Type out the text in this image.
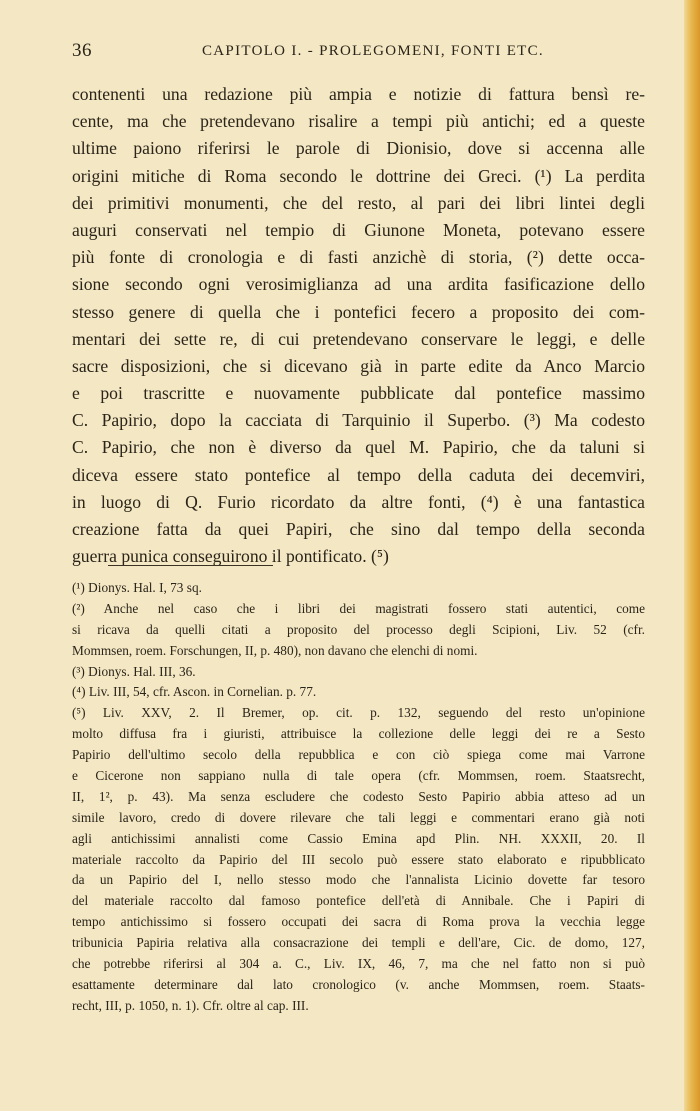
36	CAPITOLO I. - PROLEGOMENI, FONTI ETC.
contenenti una redazione più ampia e notizie di fattura bensì re-
cente, ma che pretendevano risalire a tempi più antichi; ed a queste
ultime paiono riferirsi le parole di Dionisio, dove si accenna alle
origini mitiche di Roma secondo le dottrine dei Greci. (¹) La perdita
dei primitivi monumenti, che del resto, al pari dei libri lintei degli
auguri conservati nel tempio di Giunone Moneta, potevano essere
più fonte di cronologia e di fasti anzichè di storia, (²) dette occa-
sione secondo ogni verosimiglianza ad una ardita fasificazione dello
stesso genere di quella che i pontefici fecero a proposito dei com-
mentari dei sette re, di cui pretendevano conservare le leggi, e delle
sacre disposizioni, che si dicevano già in parte edite da Anco Marcio
e poi trascritte e nuovamente pubblicate dal pontefice massimo
C. Papirio, dopo la cacciata di Tarquinio il Superbo. (³) Ma codesto
C. Papirio, che non è diverso da quel M. Papirio, che da taluni si
diceva essere stato pontefice al tempo della caduta dei decemviri,
in luogo di Q. Furio ricordato da altre fonti, (⁴) è una fantastica
creazione fatta da quei Papiri, che sino dal tempo della seconda
guerra punica conseguirono il pontificato. (⁵)
(¹) Dionys. Hal. I, 73 sq.
(²) Anche nel caso che i libri dei magistrati fossero stati autentici, come
si ricava da quelli citati a proposito del processo degli Scipioni, Liv. 52 (cfr.
Mommsen, roem. Forschungen, II, p. 480), non davano che elenchi di nomi.
(³) Dionys. Hal. III, 36.
(⁴) Liv. III, 54, cfr. Ascon. in Cornelian. p. 77.
(⁵) Liv. XXV, 2. Il Bremer, op. cit. p. 132, seguendo del resto un'opinione
molto diffusa fra i giuristi, attribuisce la collezione delle leggi dei re a Sesto
Papirio dell'ultimo secolo della repubblica e con ciò spiega come mai Varrone
e Cicerone non sappiano nulla di tale opera (cfr. Mommsen, roem. Staatsrecht,
II, 1², p. 43). Ma senza escludere che codesto Sesto Papirio abbia atteso ad un
simile lavoro, credo di dovere rilevare che tali leggi e commentari erano già noti
agli antichissimi annalisti come Cassio Emina apd Plin. NH. XXXII, 20. Il
materiale raccolto da Papirio del III secolo può essere stato elaborato e ripubblicato
da un Papirio del I, nello stesso modo che l'annalista Licinio dovette far tesoro
del materiale raccolto dal famoso pontefice dell'età di Annibale. Che i Papiri di
tempo antichissimo si fossero occupati dei sacra di Roma prova la vecchia legge
tribunicia Papiria relativa alla consacrazione dei templi e dell'are, Cic. de domo, 127,
che potrebbe riferirsi al 304 a. C., Liv. IX, 46, 7, ma che nel fatto non si può
esattamente determinare dal lato cronologico (v. anche Mommsen, roem. Staats-
recht, III, p. 1050, n. 1). Cfr. oltre al cap. III.
